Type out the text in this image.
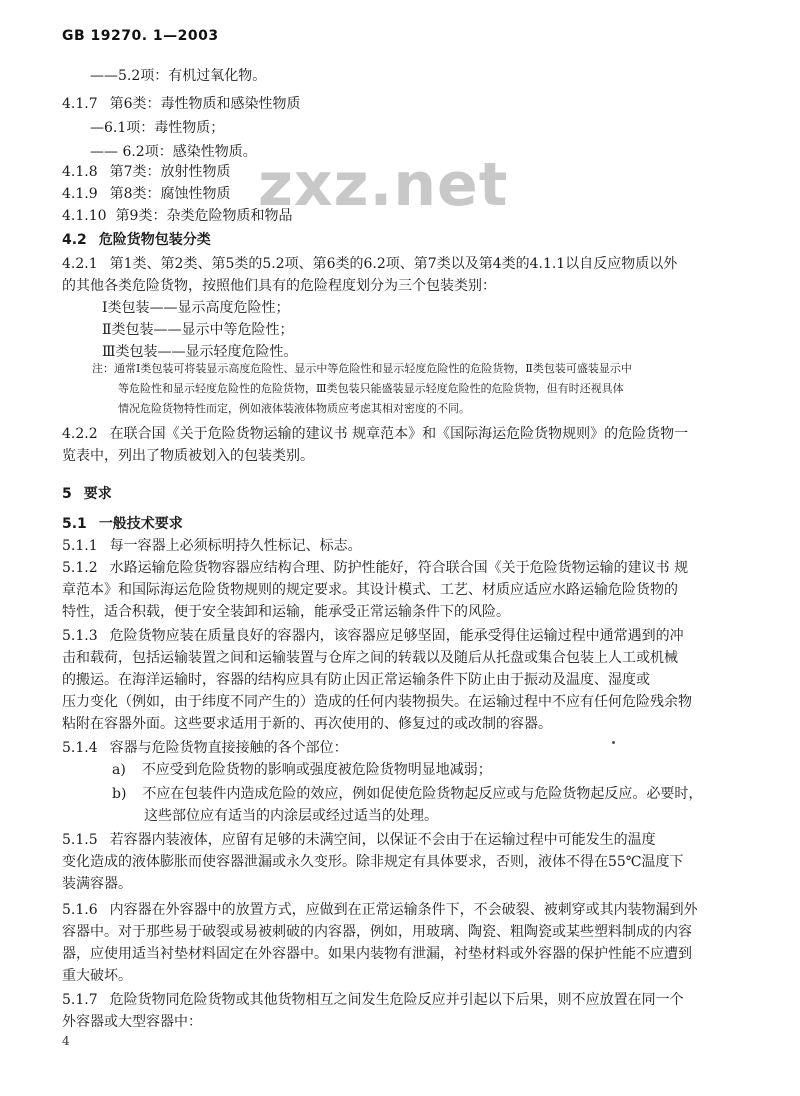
GB 19270. 1—2003
zxz.net
——5.2项：有机过氧化物。
4.1.7 第6类：毒性物质和感染性物质
—6.1项：毒性物质；
—— 6.2项：感染性物质。
4.1.8 第7类：放射性物质
4.1.9 第8类：腐蚀性物质
4.1.10 第9类：杂类危险物质和物品
4.2 危险货物包装分类
4.2.1 第1类、第2类、第5类的5.2项、第6类的6.2项、第7类以及第4类的4.1.1以自反应物质以外
的其他各类危险货物，按照他们具有的危险程度划分为三个包装类别：
Ⅰ类包装——显示高度危险性；
Ⅱ类包装——显示中等危险性；
Ⅲ类包装——显示轻度危险性。
注：通常Ⅰ类包装可将装显示高度危险性、显示中等危险性和显示轻度危险性的危险货物，Ⅱ类包装可盛装显示中
等危险性和显示轻度危险性的危险货物，Ⅲ类包装只能盛装显示轻度危险性的危险货物，但有时还视具体
情况危险货物特性而定，例如液体装液体物质应考虑其相对密度的不同。
4.2.2 在联合国《关于危险货物运输的建议书 规章范本》和《国际海运危险货物规则》的危险货物一
览表中，列出了物质被划入的包装类别。
5 要求
5.1 一般技术要求
5.1.1 每一容器上必须标明持久性标记、标志。
5.1.2 水路运输危险货物容器应结构合理、防护性能好，符合联合国《关于危险货物运输的建议书 规
章范本》和国际海运危险货物规则的规定要求。其设计模式、工艺、材质应适应水路运输危险货物的
特性，适合积载，便于安全装卸和运输，能承受正常运输条件下的风险。
5.1.3 危险货物应装在质量良好的容器内，该容器应足够坚固，能承受得住运输过程中通常遇到的冲
击和载荷，包括运输装置之间和运输装置与仓库之间的转载以及随后从托盘或集合包装上人工或机械
的搬运。在海洋运输时，容器的结构应具有防止因正常运输条件下防止由于振动及温度、湿度或
压力变化（例如，由于纬度不同产生的）造成的任何内装物损失。在运输过程中不应有任何危险残余物
粘附在容器外面。这些要求适用于新的、再次使用的、修复过的或改制的容器。
5.1.4 容器与危险货物直接接触的各个部位：
a) 不应受到危险货物的影响或强度被危险货物明显地减弱；
b) 不应在包装件内造成危险的效应，例如促使危险货物起反应或与危险货物起反应。必要时，
这些部位应有适当的内涂层或经过适当的处理。
5.1.5 若容器内装液体，应留有足够的未满空间，以保证不会由于在运输过程中可能发生的温度
变化造成的液体膨胀而使容器泄漏或永久变形。除非规定有具体要求，否则，液体不得在55℃温度下
装满容器。
5.1.6 内容器在外容器中的放置方式，应做到在正常运输条件下，不会破裂、被刺穿或其内装物漏到外
容器中。对于那些易于破裂或易被刺破的内容器，例如，用玻璃、陶瓷、粗陶瓷或某些塑料制成的内容
器，应使用适当衬垫材料固定在外容器中。如果内装物有泄漏，衬垫材料或外容器的保护性能不应遭到
重大破坏。
5.1.7 危险货物同危险货物或其他货物相互之间发生危险反应并引起以下后果，则不应放置在同一个
外容器或大型容器中：
4
